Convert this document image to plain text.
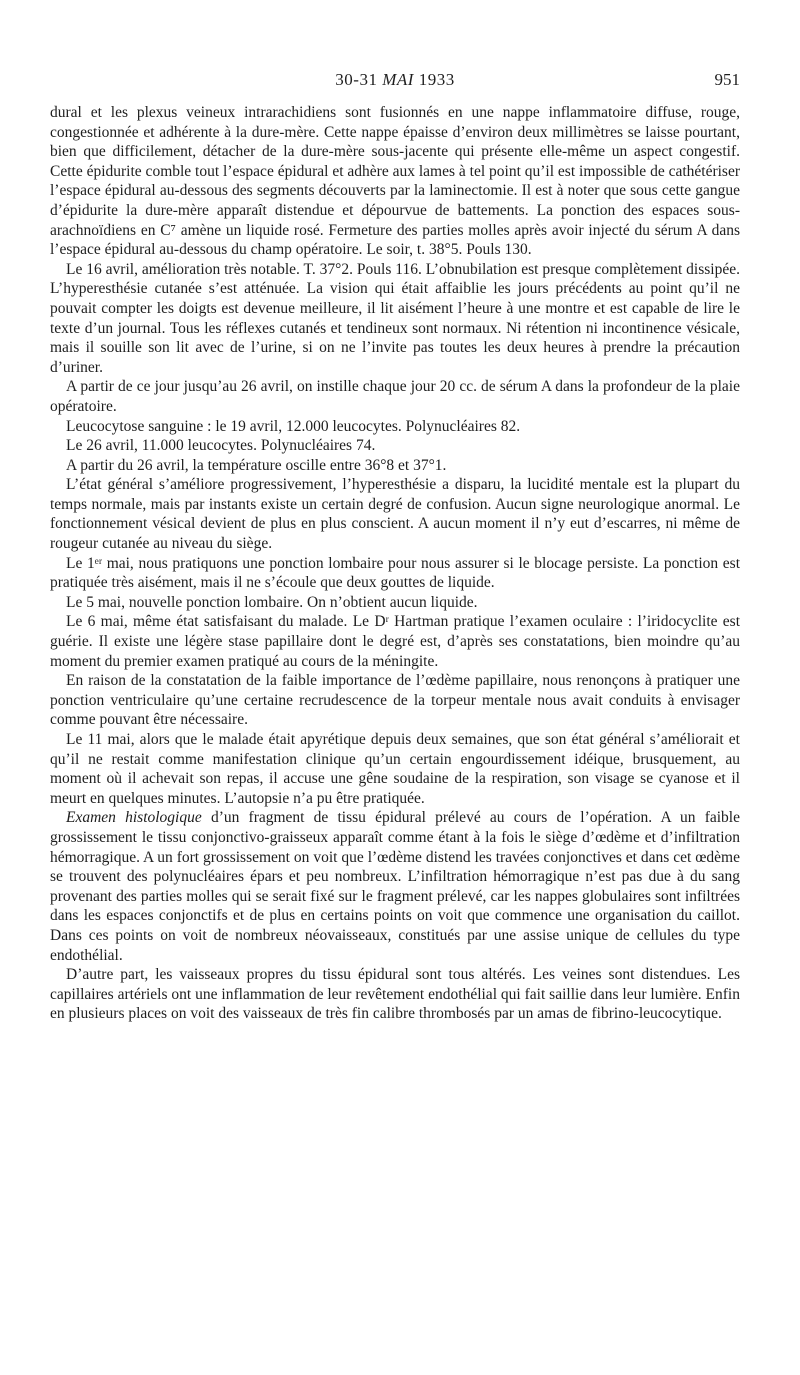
30-31 MAI 1933	951

dural et les plexus veineux intrarachidiens sont fusionnés en une nappe inflammatoire diffuse, rouge, congestionnée et adhérente à la dure-mère. Cette nappe épaisse d’environ deux millimètres se laisse pourtant, bien que difficilement, détacher de la dure-mère sous-jacente qui présente elle-même un aspect congestif. Cette épidurite comble tout l’espace épidural et adhère aux lames à tel point qu’il est impossible de cathétériser l’espace épidural au-dessous des segments découverts par la laminectomie. Il est à noter que sous cette gangue d’épidurite la dure-mère apparaît distendue et dépourvue de battements. La ponction des espaces sous-arachnoïdiens en C⁷ amène un liquide rosé. Fermeture des parties molles après avoir injecté du sérum A dans l’espace épidural au-dessous du champ opératoire. Le soir, t. 38°5. Pouls 130.

Le 16 avril, amélioration très notable. T. 37°2. Pouls 116. L’obnubilation est presque complètement dissipée. L’hyperesthésie cutanée s’est atténuée. La vision qui était affaiblie les jours précédents au point qu’il ne pouvait compter les doigts est devenue meilleure, il lit aisément l’heure à une montre et est capable de lire le texte d’un journal. Tous les réflexes cutanés et tendineux sont normaux. Ni rétention ni incontinence vésicale, mais il souille son lit avec de l’urine, si on ne l’invite pas toutes les deux heures à prendre la précaution d’uriner.

A partir de ce jour jusqu’au 26 avril, on instille chaque jour 20 cc. de sérum A dans la profondeur de la plaie opératoire.

Leucocytose sanguine : le 19 avril, 12.000 leucocytes. Polynucléaires 82.

Le 26 avril, 11.000 leucocytes. Polynucléaires 74.

A partir du 26 avril, la température oscille entre 36°8 et 37°1.

L’état général s’améliore progressivement, l’hyperesthésie a disparu, la lucidité mentale est la plupart du temps normale, mais par instants existe un certain degré de confusion. Aucun signe neurologique anormal. Le fonctionnement vésical devient de plus en plus conscient. A aucun moment il n’y eut d’escarres, ni même de rougeur cutanée au niveau du siège.

Le 1ᵉʳ mai, nous pratiquons une ponction lombaire pour nous assurer si le blocage persiste. La ponction est pratiquée très aisément, mais il ne s’écoule que deux gouttes de liquide.

Le 5 mai, nouvelle ponction lombaire. On n’obtient aucun liquide.

Le 6 mai, même état satisfaisant du malade. Le Dʳ Hartman pratique l’examen oculaire : l’iridocyclite est guérie. Il existe une légère stase papillaire dont le degré est, d’après ses constatations, bien moindre qu’au moment du premier examen pratiqué au cours de la méningite.

En raison de la constatation de la faible importance de l’œdème papillaire, nous renonçons à pratiquer une ponction ventriculaire qu’une certaine recrudescence de la torpeur mentale nous avait conduits à envisager comme pouvant être nécessaire.

Le 11 mai, alors que le malade était apyrétique depuis deux semaines, que son état général s’améliorait et qu’il ne restait comme manifestation clinique qu’un certain engourdissement idéique, brusquement, au moment où il achevait son repas, il accuse une gêne soudaine de la respiration, son visage se cyanose et il meurt en quelques minutes. L’autopsie n’a pu être pratiquée.

Examen histologique d’un fragment de tissu épidural prélevé au cours de l’opération. A un faible grossissement le tissu conjonctivo-graisseux apparaît comme étant à la fois le siège d’œdème et d’infiltration hémorragique. A un fort grossissement on voit que l’œdème distend les travées conjonctives et dans cet œdème se trouvent des polynucléaires épars et peu nombreux. L’infiltration hémorragique n’est pas due à du sang provenant des parties molles qui se serait fixé sur le fragment prélevé, car les nappes globulaires sont infiltrées dans les espaces conjonctifs et de plus en certains points on voit que commence une organisation du caillot. Dans ces points on voit de nombreux néovaisseaux, constitués par une assise unique de cellules du type endothélial.

D’autre part, les vaisseaux propres du tissu épidural sont tous altérés. Les veines sont distendues. Les capillaires artériels ont une inflammation de leur revêtement endothélial qui fait saillie dans leur lumière. Enfin en plusieurs places on voit des vaisseaux de très fin calibre thrombosés par un amas de fibrino-leucocytique.
